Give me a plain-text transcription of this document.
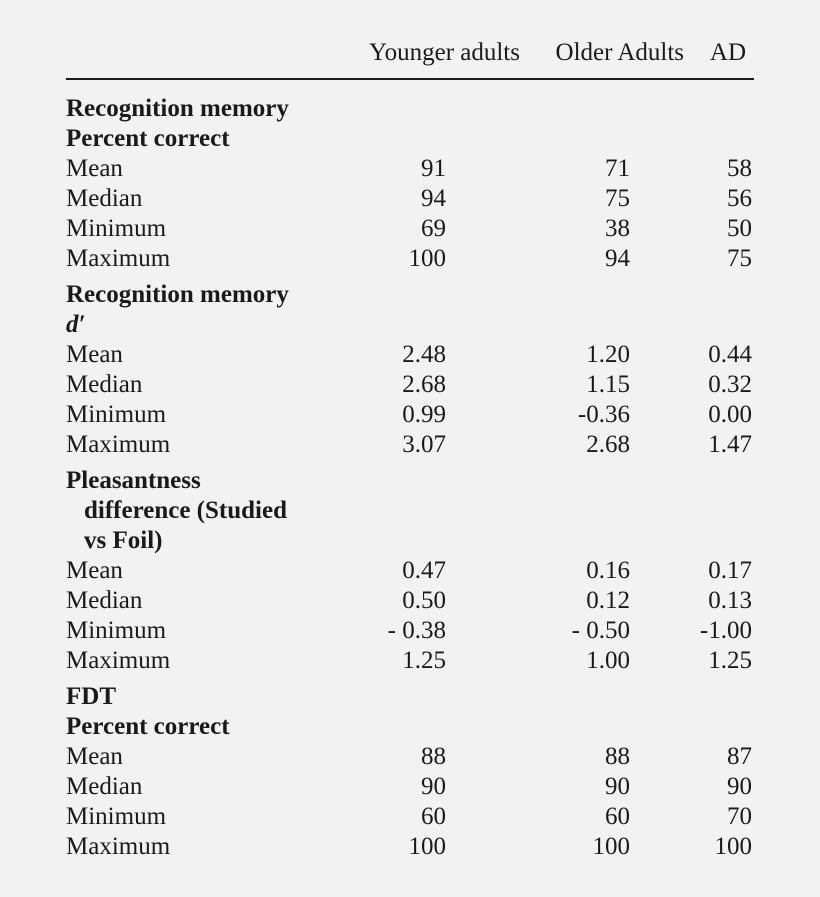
Younger adults Older Adults AD
Recognition memory
Percent correct
Mean	91	71	58
Median	94	75	56
Minimum	69	38	50
Maximum	100	94	75
Recognition memory
d′
Mean	2.48	1.20	0.44
Median	2.68	1.15	0.32
Minimum	0.99	-0.36	0.00
Maximum	3.07	2.68	1.47
Pleasantness
difference (Studied
vs Foil)
Mean	0.47	0.16	0.17
Median	0.50	0.12	0.13
Minimum	- 0.38	- 0.50	-1.00
Maximum	1.25	1.00	1.25
FDT
Percent correct
Mean	88	88	87
Median	90	90	90
Minimum	60	60	70
Maximum	100	100	100
